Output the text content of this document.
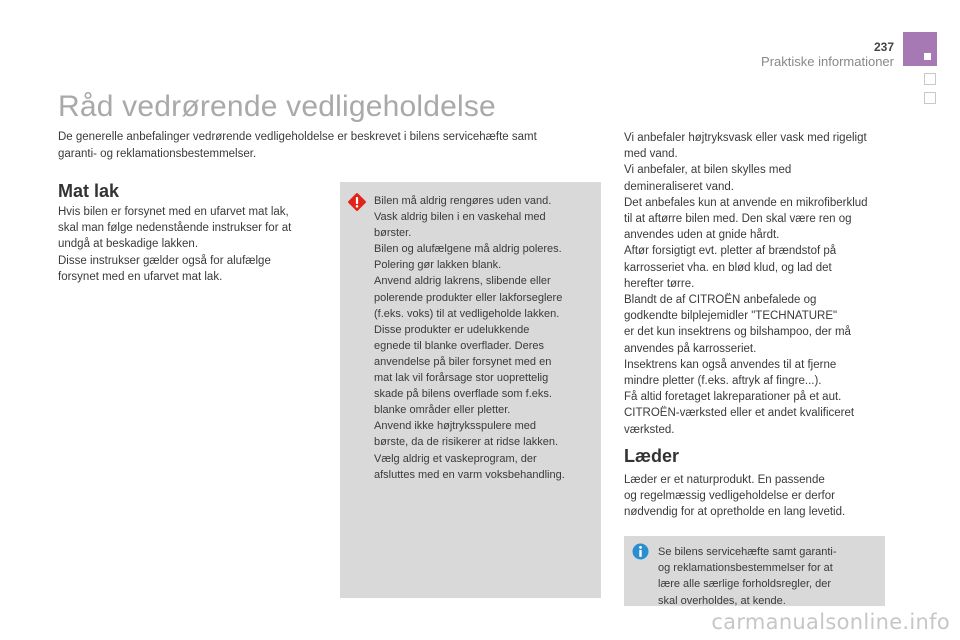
237
Praktiske informationer
Råd vedrørende vedligeholdelse

De generelle anbefalinger vedrørende vedligeholdelse er beskrevet i bilens servicehæfte samt

garanti- og reklamationsbestemmelser.

Mat lak

Hvis bilen er forsynet med en ufarvet mat lak,

skal man følge nedenstående instrukser for at

undgå at beskadige lakken.

Disse instrukser gælder også for alufælge

forsynet med en ufarvet mat lak.

Bilen må aldrig rengøres uden vand.

Vask aldrig bilen i en vaskehal med

børster.

Bilen og alufælgene må aldrig poleres.

Polering gør lakken blank.

Anvend aldrig lakrens, slibende eller

polerende produkter eller lakforseglere

(f.eks. voks) til at vedligeholde lakken.

Disse produkter er udelukkende

egnede til blanke overflader. Deres

anvendelse på biler forsynet med en

mat lak vil forårsage stor uoprettelig

skade på bilens overflade som f.eks.

blanke områder eller pletter.

Anvend ikke højtryksspulere med

børste, da de risikerer at ridse lakken.

Vælg aldrig et vaskeprogram, der

afsluttes med en varm voksbehandling.

Vi anbefaler højtryksvask eller vask med rigeligt

med vand.

Vi anbefaler, at bilen skylles med

demineraliseret vand.

Det anbefales kun at anvende en mikrofiberklud

til at aftørre bilen med. Den skal være ren og

anvendes uden at gnide hårdt.

Aftør forsigtigt evt. pletter af brændstof på

karrosseriet vha. en blød klud, og lad det

herefter tørre.

Blandt de af CITROËN anbefalede og

godkendte bilplejemidler "TECHNATURE"

er det kun insektrens og bilshampoo, der må

anvendes på karrosseriet.

Insektrens kan også anvendes til at fjerne

mindre pletter (f.eks. aftryk af fingre...).

Få altid foretaget lakreparationer på et aut.

CITROËN-værksted eller et andet kvalificeret

værksted.

Læder

Læder er et naturprodukt. En passende

og regelmæssig vedligeholdelse er derfor

nødvendig for at opretholde en lang levetid.

Se bilens servicehæfte samt garanti-

og reklamationsbestemmelser for at

lære alle særlige forholdsregler, der

skal overholdes, at kende.

carmanualsonline.info
